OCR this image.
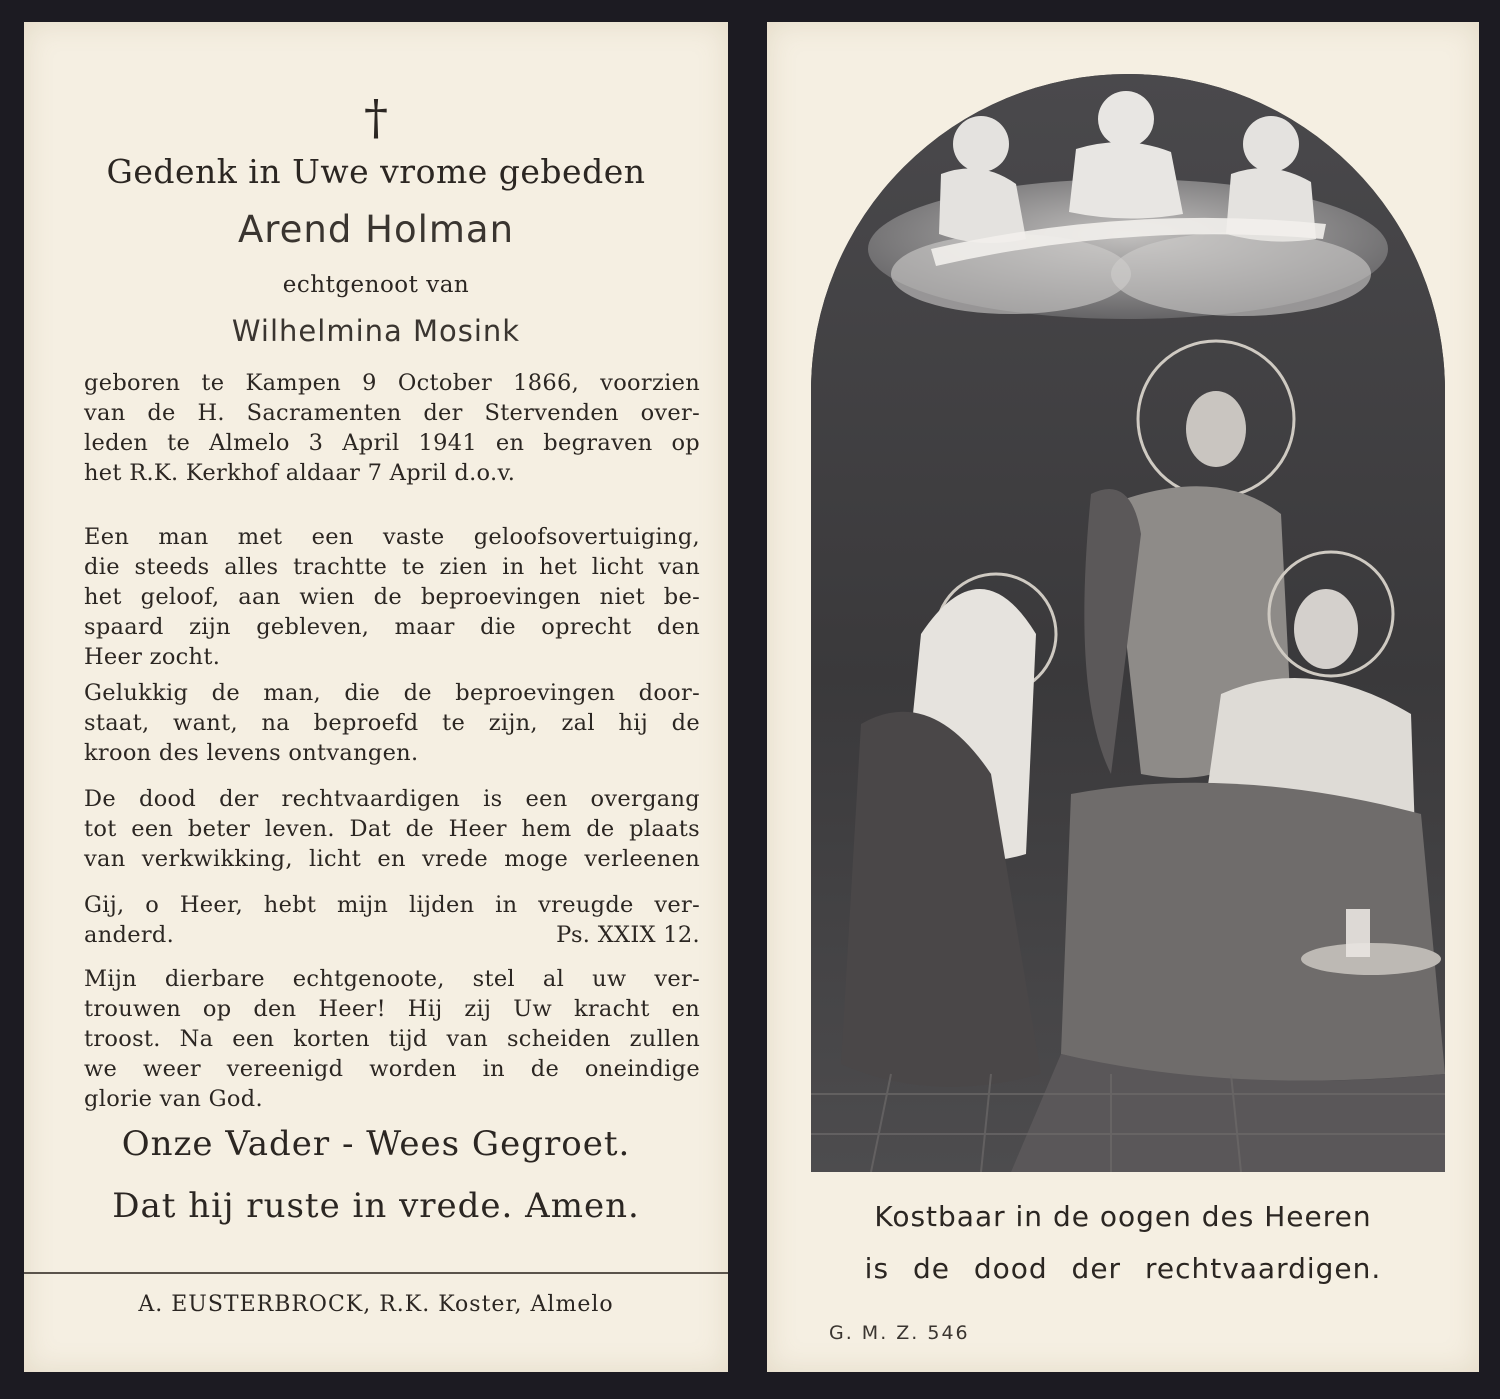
†
Gedenk in Uwe vrome gebeden
Arend Holman
echtgenoot van
Wilhelmina Mosink
geboren te Kampen 9 October 1866, voorzien
van de H. Sacramenten der Stervenden over-
leden te Almelo 3 April 1941 en begraven op
het R.K. Kerkhof aldaar 7 April d.o.v.
Een man met een vaste geloofsovertuiging,
die steeds alles trachtte te zien in het licht van
het geloof, aan wien de beproevingen niet be-
spaard zijn gebleven, maar die oprecht den
Heer zocht.
Gelukkig de man, die de beproevingen door-
staat, want, na beproefd te zijn, zal hij de
kroon des levens ontvangen.
De dood der rechtvaardigen is een overgang
tot een beter leven. Dat de Heer hem de plaats
van verkwikking, licht en vrede moge verleenen
Gij, o Heer, hebt mijn lijden in vreugde ver-
anderd.	Ps. XXIX 12.
Mijn dierbare echtgenoote, stel al uw ver-
trouwen op den Heer! Hij zij Uw kracht en
troost. Na een korten tijd van scheiden zullen
we weer vereenigd worden in de oneindige
glorie van God.
Onze Vader - Wees Gegroet.
Dat hij ruste in vrede. Amen.
A. EUSTERBROCK, R.K. Koster, Almelo
Kostbaar in de oogen des Heeren
is de dood der rechtvaardigen.
G. M. Z. 546
